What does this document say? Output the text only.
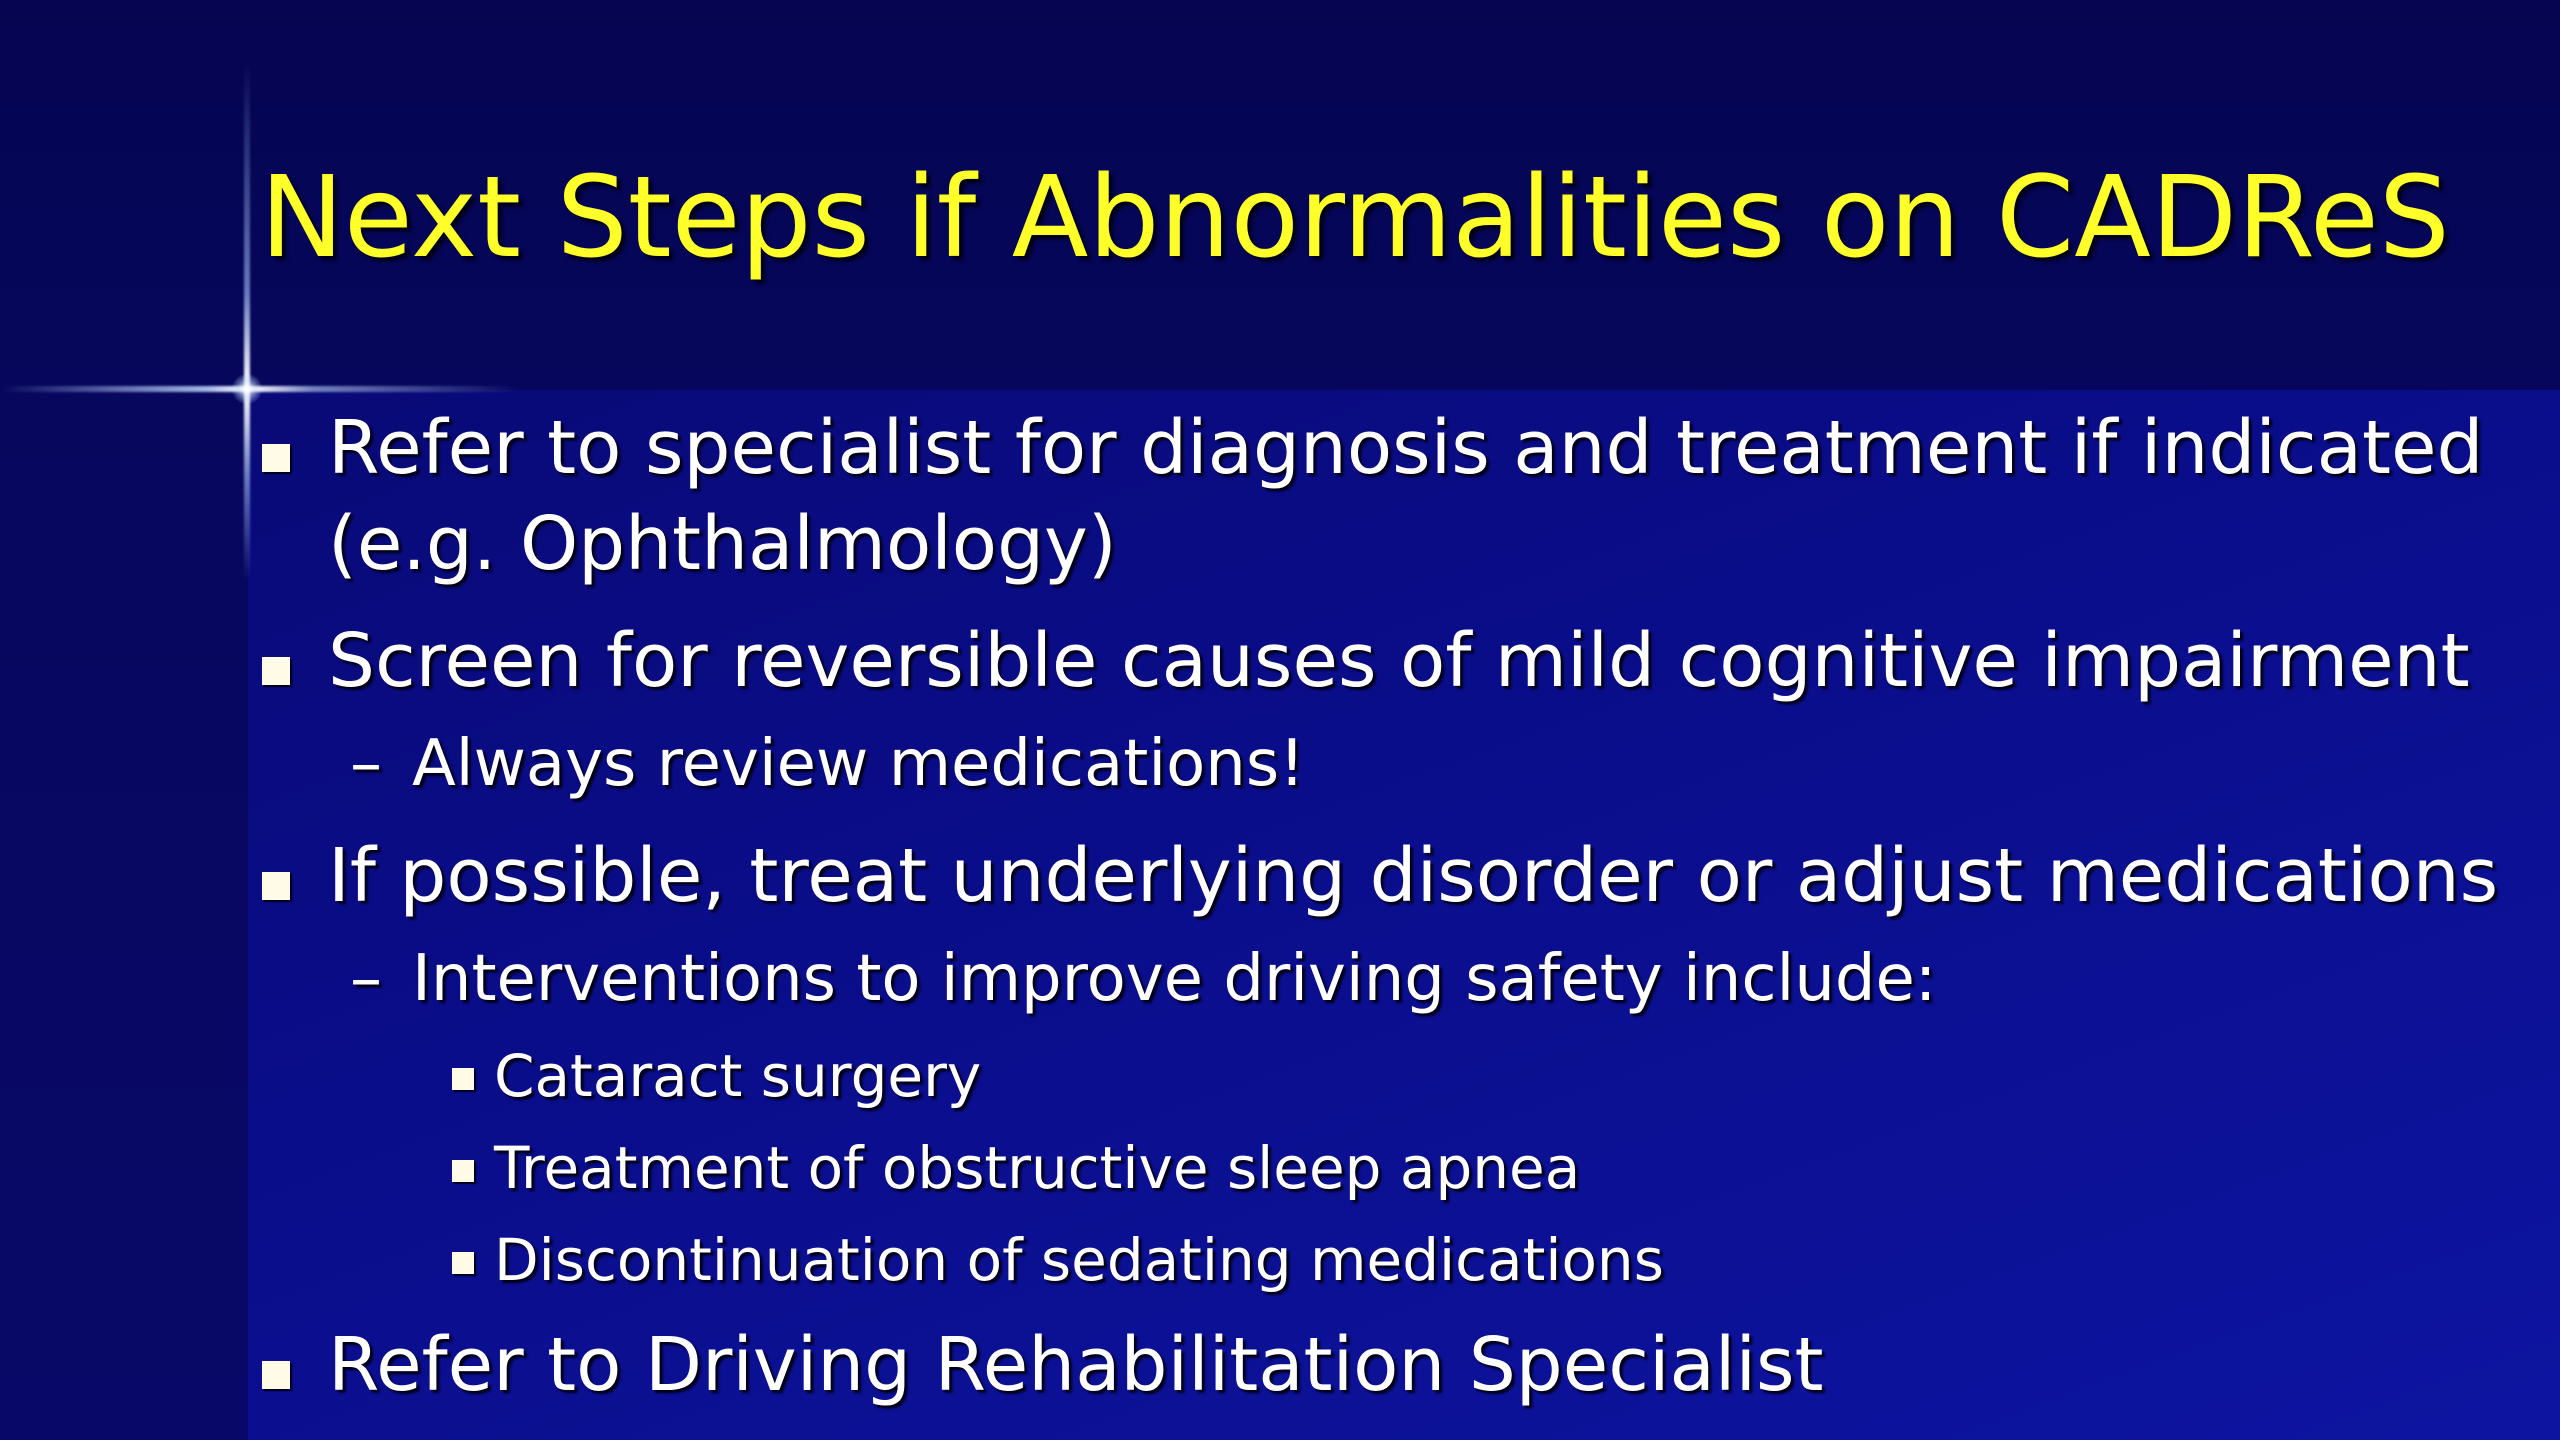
Next Steps if Abnormalities on CADReS
Refer to specialist for diagnosis and treatment if indicated
(e.g. Ophthalmology)
Screen for reversible causes of mild cognitive impairment
– Always review medications!
If possible, treat underlying disorder or adjust medications
– Interventions to improve driving safety include:
Cataract surgery
Treatment of obstructive sleep apnea
Discontinuation of sedating medications
Refer to Driving Rehabilitation Specialist
